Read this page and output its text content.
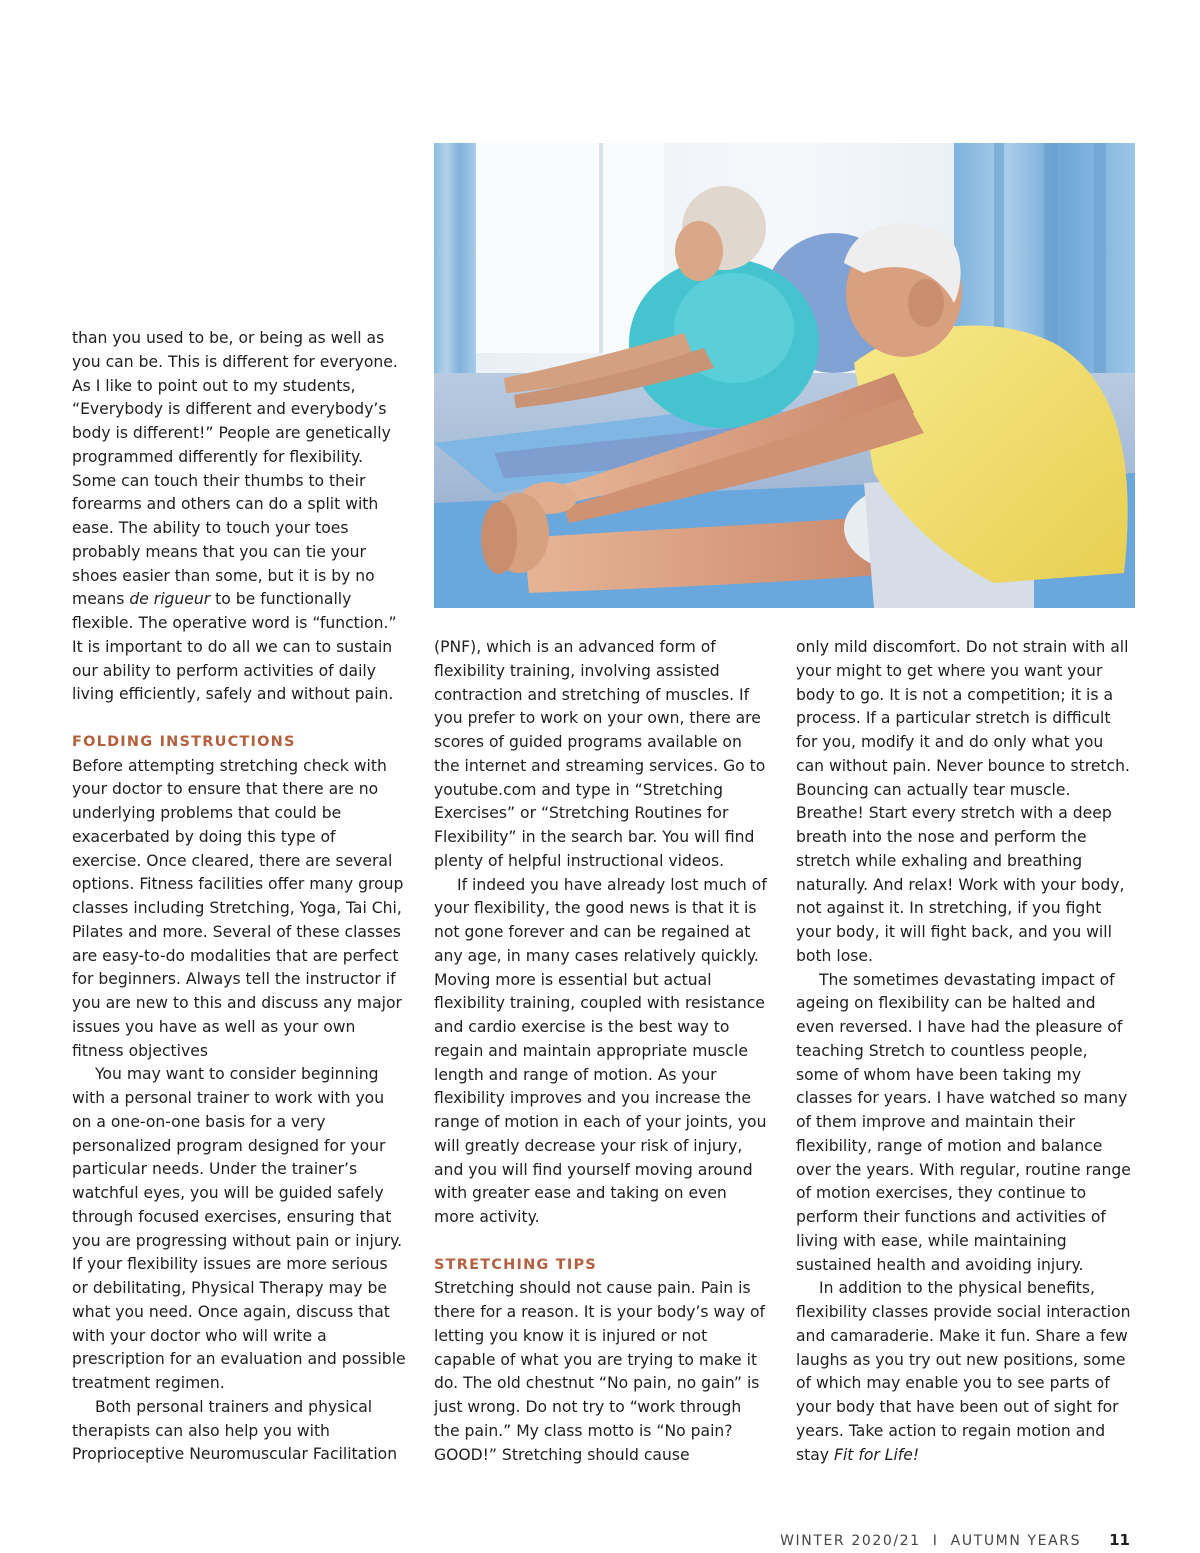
than you used to be, or being as well as you can be. This is different for everyone. As I like to point out to my students, “Everybody is different and everybody’s body is different!” People are genetically programmed differently for flexibility. Some can touch their thumbs to their forearms and others can do a split with ease. The ability to touch your toes probably means that you can tie your shoes easier than some, but it is by no means de rigueur to be functionally flexible. The operative word is “function.” It is important to do all we can to sustain our ability to perform activities of daily living efficiently, safely and without pain.

FOLDING INSTRUCTIONS

Before attempting stretching check with your doctor to ensure that there are no underlying problems that could be exacerbated by doing this type of exercise. Once cleared, there are several options. Fitness facilities offer many group classes including Stretching, Yoga, Tai Chi, Pilates and more. Several of these classes are easy-to-do modalities that are perfect for beginners. Always tell the instructor if you are new to this and discuss any major issues you have as well as your own fitness objectives

You may want to consider beginning with a personal trainer to work with you on a one-on-one basis for a very personalized program designed for your particular needs. Under the trainer’s watchful eyes, you will be guided safely through focused exercises, ensuring that you are progressing without pain or injury. If your flexibility issues are more serious or debilitating, Physical Therapy may be what you need. Once again, discuss that with your doctor who will write a prescription for an evaluation and possible treatment regimen.

Both personal trainers and physical therapists can also help you with Proprioceptive Neuromuscular Facilitation

(PNF), which is an advanced form of flexibility training, involving assisted contraction and stretching of muscles. If you prefer to work on your own, there are scores of guided programs available on the internet and streaming services. Go to youtube.com and type in “Stretching Exercises” or “Stretching Routines for Flexibility” in the search bar. You will find plenty of helpful instructional videos.

If indeed you have already lost much of your flexibility, the good news is that it is not gone forever and can be regained at any age, in many cases relatively quickly. Moving more is essential but actual flexibility training, coupled with resistance and cardio exercise is the best way to regain and maintain appropriate muscle length and range of motion. As your flexibility improves and you increase the range of motion in each of your joints, you will greatly decrease your risk of injury, and you will find yourself moving around with greater ease and taking on even more activity.

STRETCHING TIPS

Stretching should not cause pain. Pain is there for a reason. It is your body’s way of letting you know it is injured or not capable of what you are trying to make it do. The old chestnut “No pain, no gain” is just wrong. Do not try to “work through the pain.” My class motto is “No pain? GOOD!” Stretching should cause

only mild discomfort. Do not strain with all your might to get where you want your body to go. It is not a competition; it is a process. If a particular stretch is difficult for you, modify it and do only what you can without pain. Never bounce to stretch. Bouncing can actually tear muscle. Breathe! Start every stretch with a deep breath into the nose and perform the stretch while exhaling and breathing naturally. And relax! Work with your body, not against it. In stretching, if you fight your body, it will fight back, and you will both lose.

The sometimes devastating impact of ageing on flexibility can be halted and even reversed. I have had the pleasure of teaching Stretch to countless people, some of whom have been taking my classes for years. I have watched so many of them improve and maintain their flexibility, range of motion and balance over the years. With regular, routine range of motion exercises, they continue to perform their functions and activities of living with ease, while maintaining sustained health and avoiding injury.

In addition to the physical benefits, flexibility classes provide social interaction and camaraderie. Make it fun. Share a few laughs as you try out new positions, some of which may enable you to see parts of your body that have been out of sight for years. Take action to regain motion and stay Fit for Life!

WINTER 2020/21 I AUTUMN YEARS 11
